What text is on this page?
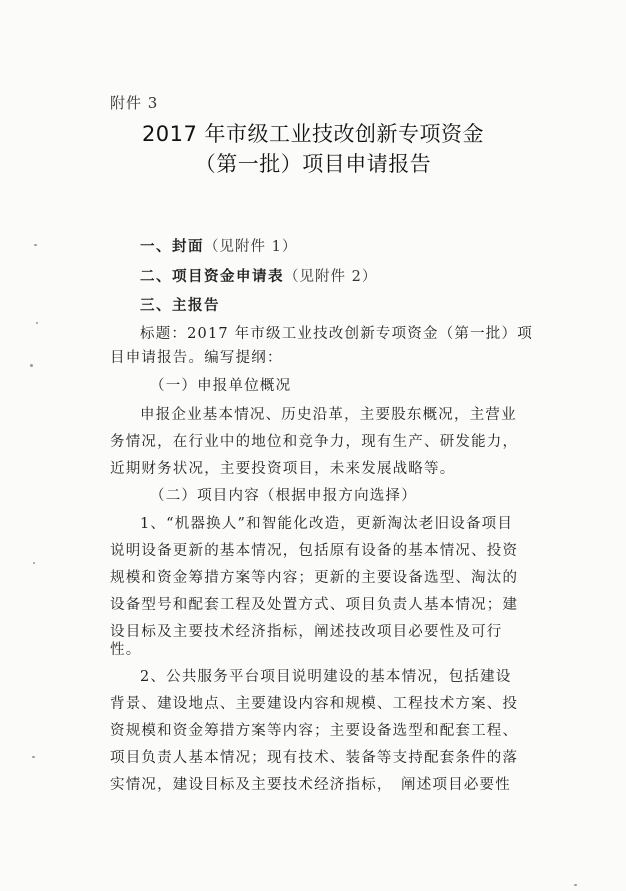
附件 3
2017 年市级工业技改创新专项资金
（第一批）项目申请报告
一、封面（见附件 1）
二、项目资金申请表（见附件 2）
三、主报告
标题：2017 年市级工业技改创新专项资金（第一批）项
目申请报告。编写提纲：
（一）申报单位概况
申报企业基本情况、历史沿革，主要股东概况，主营业
务情况，在行业中的地位和竞争力，现有生产、研发能力，
近期财务状况，主要投资项目，未来发展战略等。
（二）项目内容（根据申报方向选择）
1、“机器换人”和智能化改造，更新淘汰老旧设备项目
说明设备更新的基本情况，包括原有设备的基本情况、投资
规模和资金筹措方案等内容；更新的主要设备选型、淘汰的
设备型号和配套工程及处置方式、项目负责人基本情况；建
设目标及主要技术经济指标，阐述技改项目必要性及可行
性。
2、公共服务平台项目说明建设的基本情况，包括建设
背景、建设地点、主要建设内容和规模、工程技术方案、投
资规模和资金筹措方案等内容；主要设备选型和配套工程、
项目负责人基本情况；现有技术、装备等支持配套条件的落
实情况，建设目标及主要技术经济指标，　阐述项目必要性
